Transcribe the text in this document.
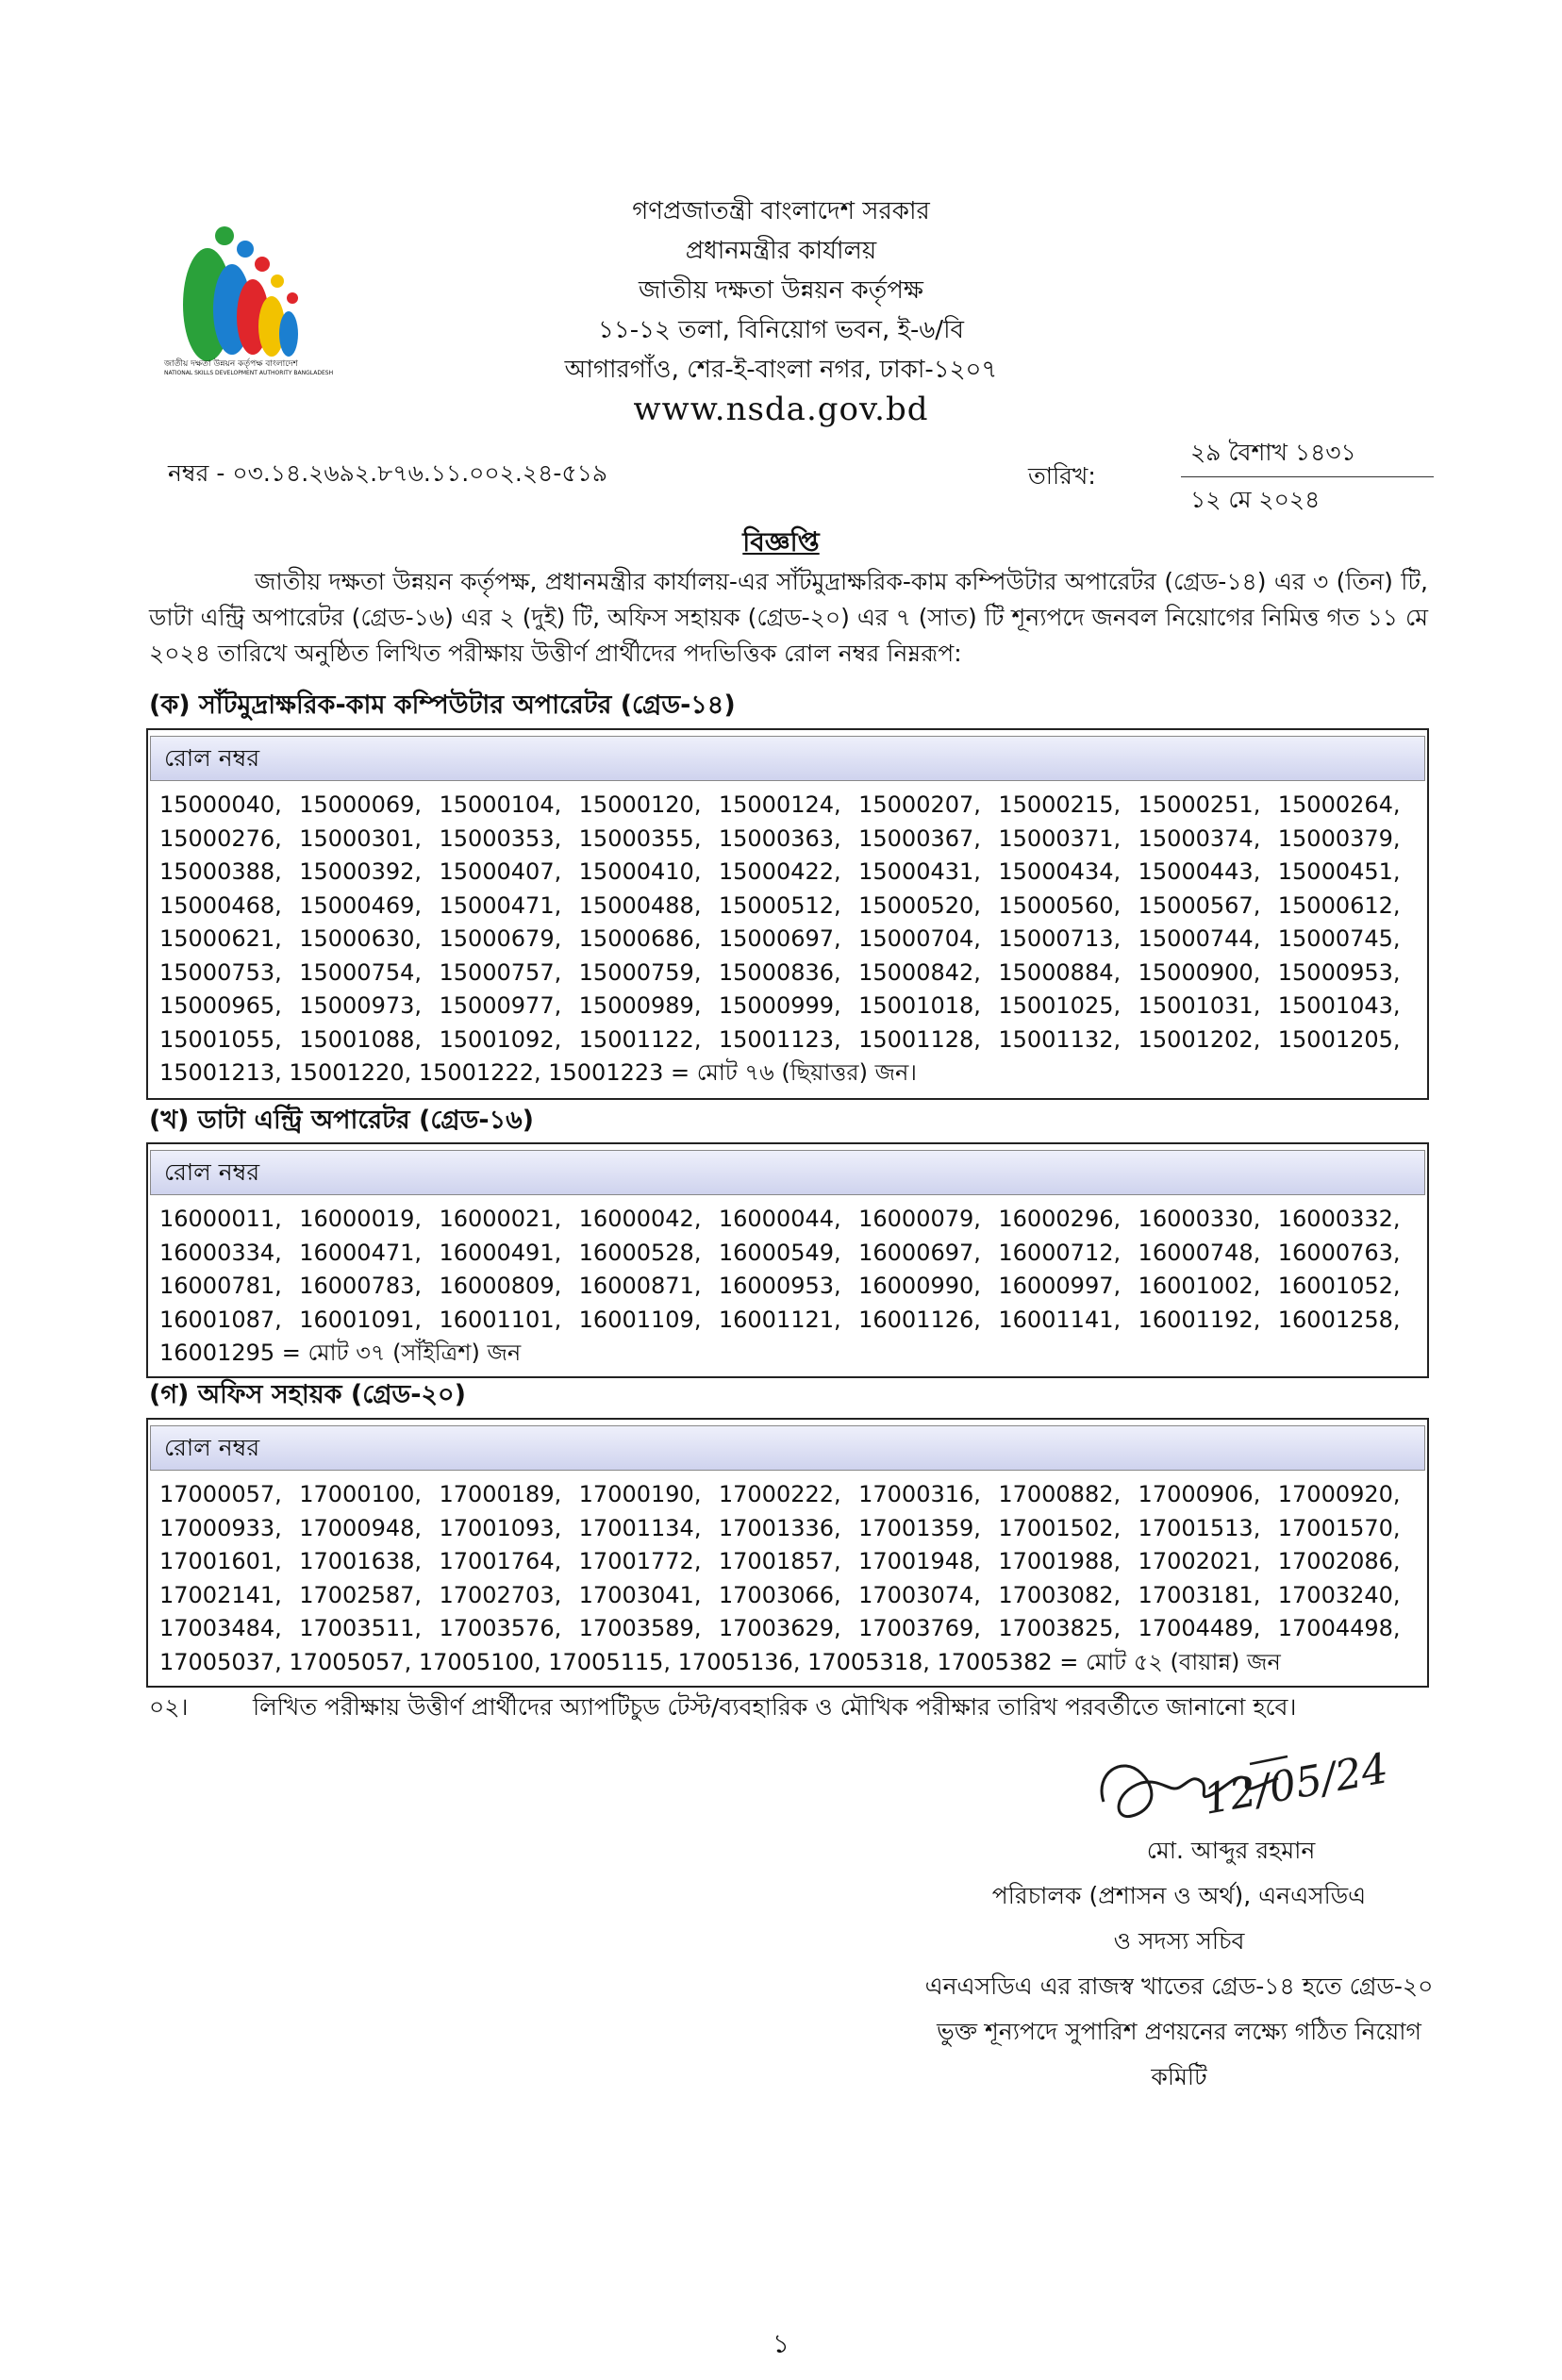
জাতীয় দক্ষতা উন্নয়ন কর্তৃপক্ষ বাংলাদেশ
NATIONAL SKILLS DEVELOPMENT AUTHORITY BANGLADESH
গণপ্রজাতন্ত্রী বাংলাদেশ সরকার
প্রধানমন্ত্রীর কার্যালয়
জাতীয় দক্ষতা উন্নয়ন কর্তৃপক্ষ
১১-১২ তলা, বিনিয়োগ ভবন, ই-৬/বি
আগারগাঁও, শের-ই-বাংলা নগর, ঢাকা-১২০৭
www.nsda.gov.bd
নম্বর - ০৩.১৪.২৬৯২.৮৭৬.১১.০০২.২৪-৫১৯	তারিখ:
২৯ বৈশাখ ১৪৩১
১২ মে ২০২৪
বিজ্ঞপ্তি
জাতীয় দক্ষতা উন্নয়ন কর্তৃপক্ষ, প্রধানমন্ত্রীর কার্যালয়-এর সাঁটমুদ্রাক্ষরিক-কাম কম্পিউটার অপারেটর (গ্রেড-১৪) এর ৩ (তিন) টি, ডাটা এন্ট্রি অপারেটর (গ্রেড-১৬) এর ২ (দুই) টি, অফিস সহায়ক (গ্রেড-২০) এর ৭ (সাত) টি শূন্যপদে জনবল নিয়োগের নিমিত্ত গত ১১ মে ২০২৪ তারিখে অনুষ্ঠিত লিখিত পরীক্ষায় উত্তীর্ণ প্রার্থীদের পদভিত্তিক রোল নম্বর নিম্নরূপ:
(ক) সাঁটমুদ্রাক্ষরিক-কাম কম্পিউটার অপারেটর (গ্রেড-১৪)
রোল নম্বর
15000040, 15000069, 15000104, 15000120, 15000124, 15000207, 15000215, 15000251, 15000264,
15000276, 15000301, 15000353, 15000355, 15000363, 15000367, 15000371, 15000374, 15000379,
15000388, 15000392, 15000407, 15000410, 15000422, 15000431, 15000434, 15000443, 15000451,
15000468, 15000469, 15000471, 15000488, 15000512, 15000520, 15000560, 15000567, 15000612,
15000621, 15000630, 15000679, 15000686, 15000697, 15000704, 15000713, 15000744, 15000745,
15000753, 15000754, 15000757, 15000759, 15000836, 15000842, 15000884, 15000900, 15000953,
15000965, 15000973, 15000977, 15000989, 15000999, 15001018, 15001025, 15001031, 15001043,
15001055, 15001088, 15001092, 15001122, 15001123, 15001128, 15001132, 15001202, 15001205,
15001213, 15001220, 15001222, 15001223 = মোট ৭৬ (ছিয়াত্তর) জন।
(খ) ডাটা এন্ট্রি অপারেটর (গ্রেড-১৬)
রোল নম্বর
16000011, 16000019, 16000021, 16000042, 16000044, 16000079, 16000296, 16000330, 16000332,
16000334, 16000471, 16000491, 16000528, 16000549, 16000697, 16000712, 16000748, 16000763,
16000781, 16000783, 16000809, 16000871, 16000953, 16000990, 16000997, 16001002, 16001052,
16001087, 16001091, 16001101, 16001109, 16001121, 16001126, 16001141, 16001192, 16001258,
16001295 = মোট ৩৭ (সাঁইত্রিশ) জন
(গ) অফিস সহায়ক (গ্রেড-২০)
রোল নম্বর
17000057, 17000100, 17000189, 17000190, 17000222, 17000316, 17000882, 17000906, 17000920,
17000933, 17000948, 17001093, 17001134, 17001336, 17001359, 17001502, 17001513, 17001570,
17001601, 17001638, 17001764, 17001772, 17001857, 17001948, 17001988, 17002021, 17002086,
17002141, 17002587, 17002703, 17003041, 17003066, 17003074, 17003082, 17003181, 17003240,
17003484, 17003511, 17003576, 17003589, 17003629, 17003769, 17003825, 17004489, 17004498,
17005037, 17005057, 17005100, 17005115, 17005136, 17005318, 17005382 = মোট ৫২ (বায়ান্ন) জন
০২।	লিখিত পরীক্ষায় উত্তীর্ণ প্রার্থীদের অ্যাপটিচুড টেস্ট/ব্যবহারিক ও মৌখিক পরীক্ষার তারিখ পরবর্তীতে জানানো হবে।
12/05/24
মো. আব্দুর রহমান
পরিচালক (প্রশাসন ও অর্থ), এনএসডিএ
ও সদস্য সচিব
এনএসডিএ এর রাজস্ব খাতের গ্রেড-১৪ হতে গ্রেড-২০
ভুক্ত শূন্যপদে সুপারিশ প্রণয়নের লক্ষ্যে গঠিত নিয়োগ
কমিটি
১
